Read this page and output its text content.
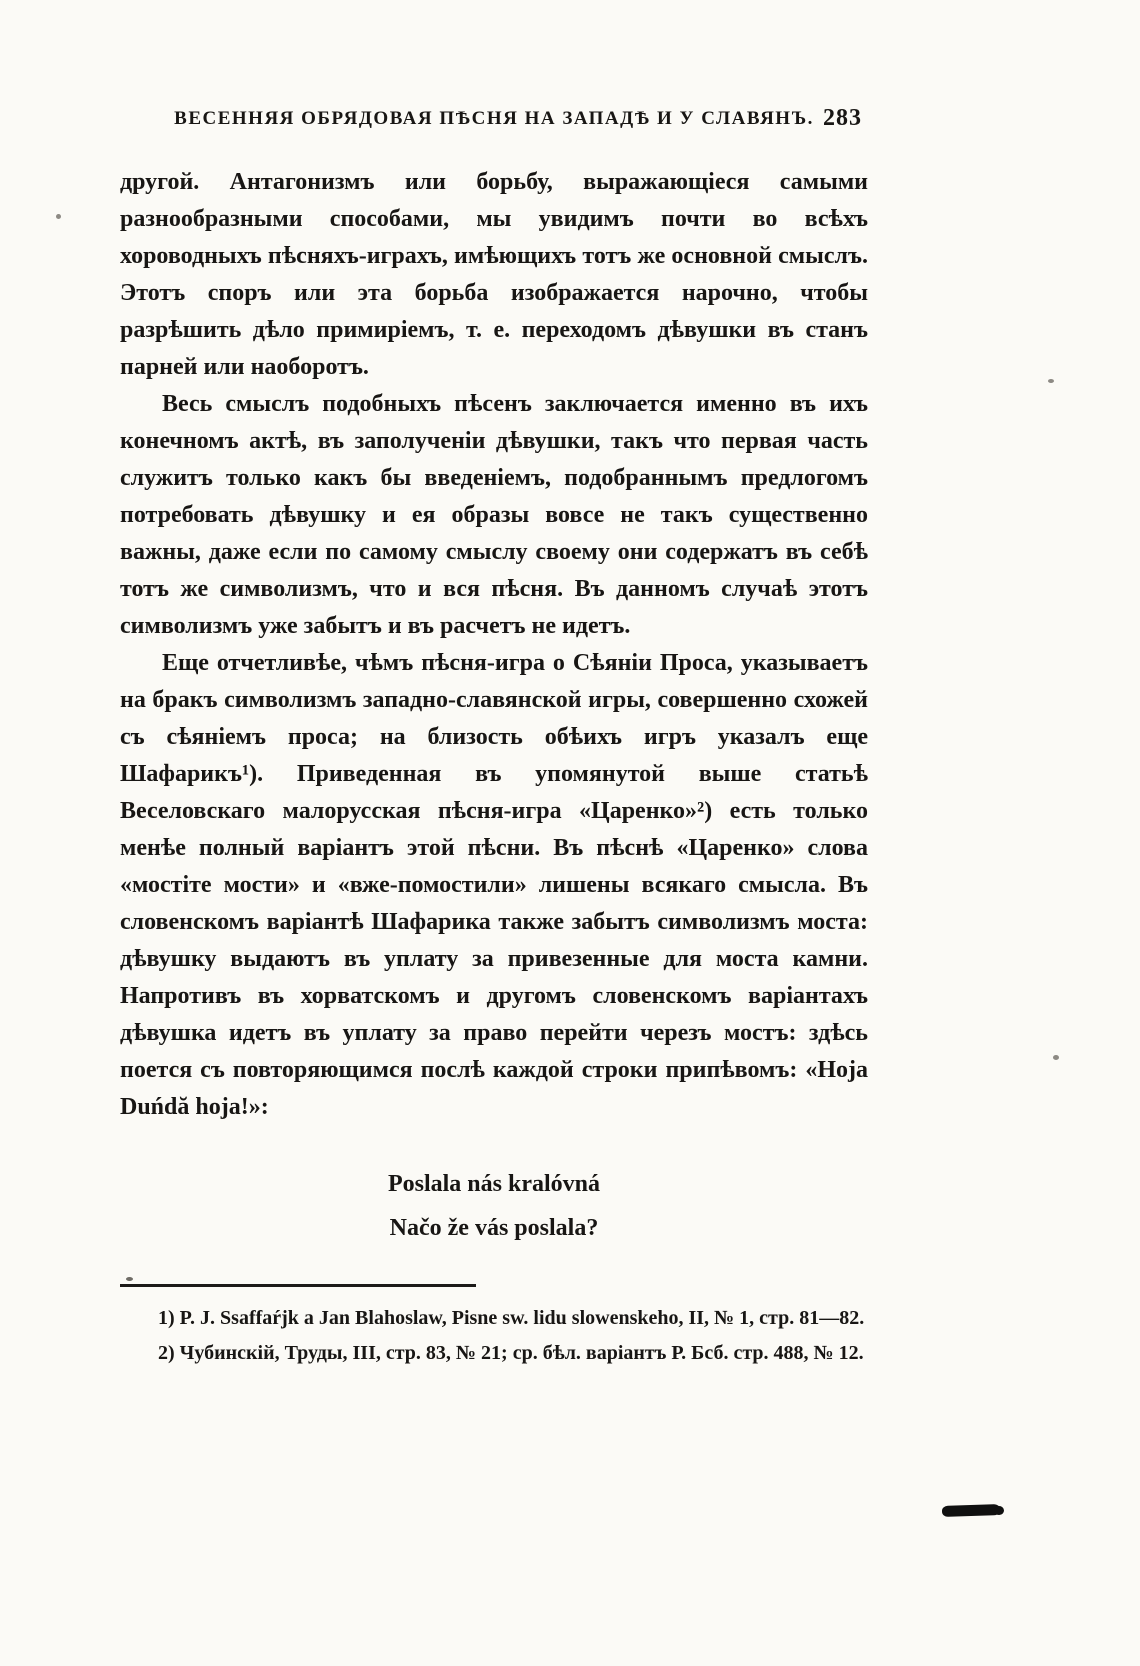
ВЕСЕННЯЯ ОБРЯДОВАЯ ПѢСНЯ НА ЗАПАДѢ И У СЛАВЯНЪ. 283

другой. Антагонизмъ или борьбу, выражающіеся самыми разнообразными способами, мы увидимъ почти во всѣхъ хороводныхъ пѣсняхъ-играхъ, имѣющихъ тотъ же основной смыслъ. Этотъ споръ или эта борьба изображается нарочно, чтобы разрѣшить дѣло примиріемъ, т. е. переходомъ дѣвушки въ станъ парней или наоборотъ.

Весь смыслъ подобныхъ пѣсенъ заключается именно въ ихъ конечномъ актѣ, въ заполученіи дѣвушки, такъ что первая часть служитъ только какъ бы введеніемъ, подобраннымъ предлогомъ потребовать дѣвушку и ея образы вовсе не такъ существенно важны, даже если по самому смыслу своему они содержатъ въ себѣ тотъ же символизмъ, что и вся пѣсня. Въ данномъ случаѣ этотъ символизмъ уже забытъ и въ расчетъ не идетъ.

Еще отчетливѣе, чѣмъ пѣсня-игра о Сѣяніи Проса, указываетъ на бракъ символизмъ западно-славянской игры, совершенно схожей съ сѣяніемъ проса; на близость обѣихъ игръ указалъ еще Шафарикъ¹). Приведенная въ упомянутой выше статьѣ Веселовскаго малорусская пѣсня-игра «Царенко»²) есть только менѣе полный варіантъ этой пѣсни. Въ пѣснѣ «Царенко» слова «мостіте мости» и «вже-помостили» лишены всякаго смысла. Въ словенскомъ варіантѣ Шафарика также забытъ символизмъ моста: дѣвушку выдаютъ въ уплату за привезенные для моста камни. Напротивъ въ хорватскомъ и другомъ словенскомъ варіантахъ дѣвушка идетъ въ уплату за право перейти черезъ мостъ: здѣсь поется съ повторяющимся послѣ каждой строки припѣвомъ: «Hoja Duńdă hoja!»:

Poslala nás kralóvná
Načo že vás poslala?

1) P. J. Ssaffaŕjk a Jan Blahoslaw, Pisne sw. lidu slowenskeho, II, № 1, стр. 81—82.

2) Чубинскій, Труды, III, стр. 83, № 21; ср. бѣл. варіантъ Р. Бсб. стр. 488, № 12.
